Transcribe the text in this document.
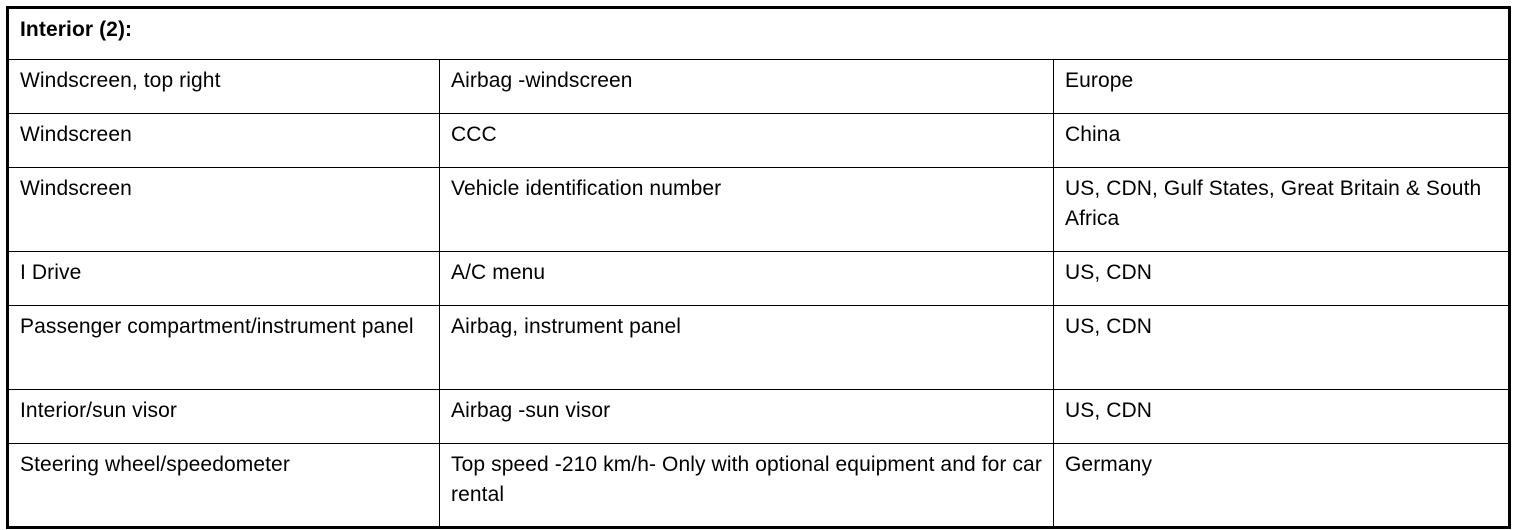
Interior (2):		
Windscreen, top right	Airbag -windscreen	Europe
Windscreen	CCC	China
Windscreen	Vehicle identification number	US, CDN, Gulf States, Great Britain & South Africa
I Drive	A/C menu	US, CDN
Passenger compartment/instrument panel	Airbag, instrument panel	US, CDN
Interior/sun visor	Airbag -sun visor	US, CDN
Steering wheel/speedometer	Top speed -210 km/h- Only with optional equipment and for car rental	Germany
